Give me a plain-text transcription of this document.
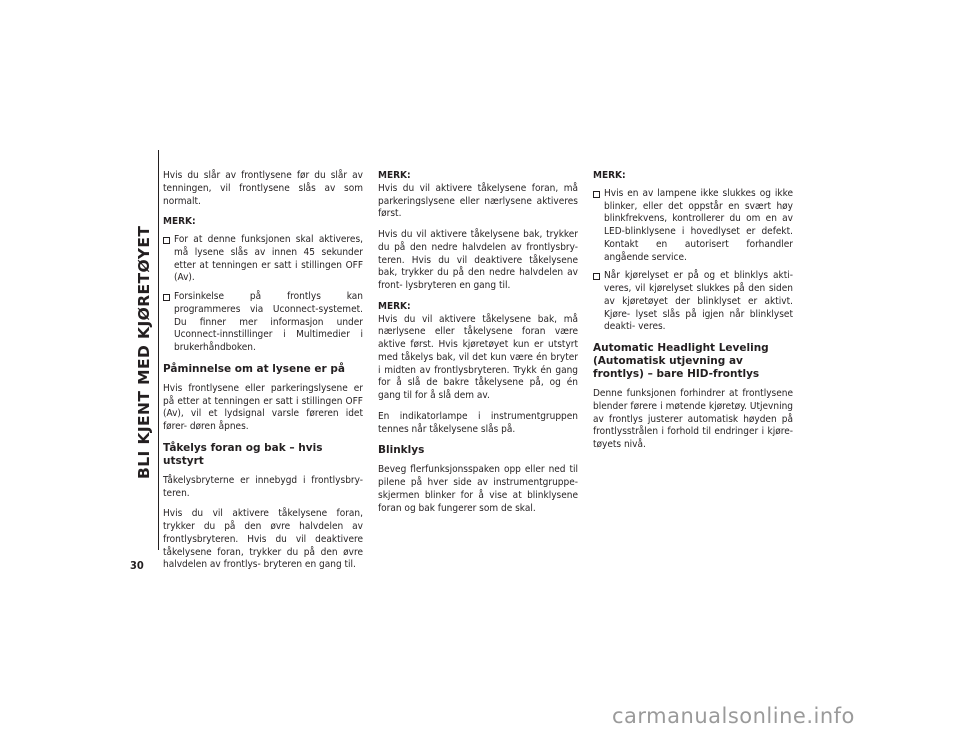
BLI KJENT MED KJØRETØYET
30

Hvis du slår av frontlysene før du slår av tenningen, vil frontlysene slås av som normalt.

MERK:
For at denne funksjonen skal aktiveres, må lysene slås av innen 45 sekunder etter at tenningen er satt i stillingen OFF (Av).
Forsinkelse på frontlys kan programmeres via Uconnect-systemet. Du finner mer informasjon under Uconnect-innstillinger i Multimedier i brukerhåndboken.
Påminnelse om at lysene er på

Hvis frontlysene eller parkeringslysene er på etter at tenningen er satt i stillingen OFF (Av), vil et lydsignal varsle føreren idet fører- døren åpnes.

Tåkelys foran og bak – hvis utstyrt

Tåkelysbryterne er innebygd i frontlysbry- teren.

Hvis du vil aktivere tåkelysene foran, trykker du på den øvre halvdelen av frontlysbryteren. Hvis du vil deaktivere tåkelysene foran, trykker du på den øvre halvdelen av frontlys- bryteren en gang til.

MERK:
Hvis du vil aktivere tåkelysene foran, må parkeringslysene eller nærlysene aktiveres først.

Hvis du vil aktivere tåkelysene bak, trykker du på den nedre halvdelen av frontlysbry- teren. Hvis du vil deaktivere tåkelysene bak, trykker du på den nedre halvdelen av front- lysbryteren en gang til.

MERK:
Hvis du vil aktivere tåkelysene bak, må nærlysene eller tåkelysene foran være aktive først. Hvis kjøretøyet kun er utstyrt med tåkelys bak, vil det kun være én bryter i midten av frontlysbryteren. Trykk én gang for å slå de bakre tåkelysene på, og én gang til for å slå dem av.

En indikatorlampe i instrumentgruppen tennes når tåkelysene slås på.

Blinklys

Beveg flerfunksjonsspaken opp eller ned til pilene på hver side av instrumentgruppe- skjermen blinker for å vise at blinklysene foran og bak fungerer som de skal.

MERK:
Hvis en av lampene ikke slukkes og ikke blinker, eller det oppstår en svært høy blinkfrekvens, kontrollerer du om en av LED-blinklysene i hovedlyset er defekt. Kontakt en autorisert forhandler angående service.
Når kjørelyset er på og et blinklys akti- veres, vil kjørelyset slukkes på den siden av kjøretøyet der blinklyset er aktivt. Kjøre- lyset slås på igjen når blinklyset deakti- veres.
Automatic Headlight Leveling (Automatisk utjevning av frontlys) – bare HID-frontlys

Denne funksjonen forhindrer at frontlysene blender førere i møtende kjøretøy. Utjevning av frontlys justerer automatisk høyden på frontlysstrålen i forhold til endringer i kjøre- tøyets nivå.

carmanualsonline.info
